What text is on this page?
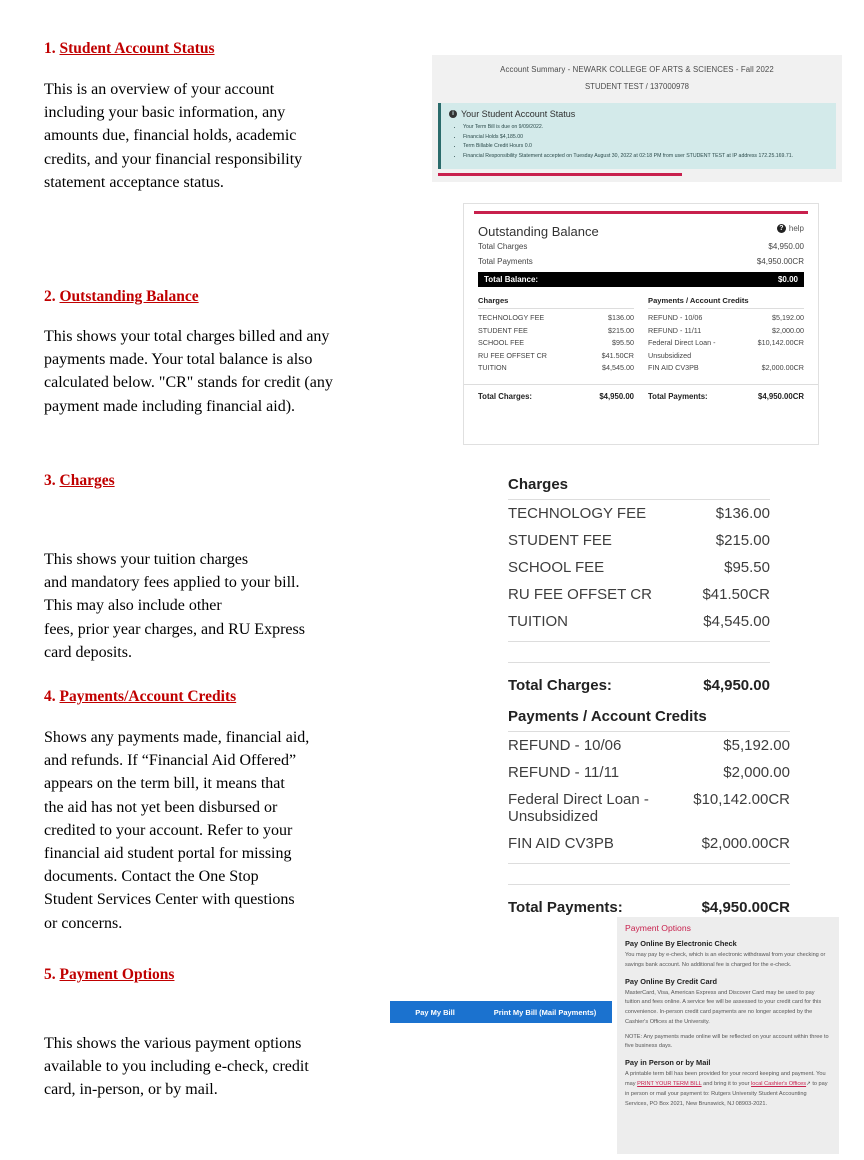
1. Student Account Status
This is an overview of your account
including your basic information, any
amounts due, financial holds, academic
credits, and your financial responsibility
statement acceptance status.
2. Outstanding Balance
This shows your total charges billed and any
payments made. Your total balance is also
calculated below. "CR" stands for credit (any
payment made including financial aid).
3. Charges
This shows your tuition charges
and mandatory fees applied to your bill.
This may also include other
fees, prior year charges, and RU Express
card deposits.
4. Payments/Account Credits
Shows any payments made, financial aid,
and refunds. If “Financial Aid Offered”
appears on the term bill, it means that
the aid has not yet been disbursed or
credited to your account. Refer to your
financial aid student portal for missing
documents. Contact the One Stop
Student Services Center with questions
or concerns.
5. Payment Options
This shows the various payment options
available to you including e-check, credit
card, in-person, or by mail.
Account Summary - NEWARK COLLEGE OF ARTS & SCIENCES - Fall 2022
STUDENT TEST / 137000978
i Your Student Account Status
• Your Term Bill is due on 9/09/2022.
• Financial Holds $4,185.00
• Term Billable Credit Hours 0.0
• Financial Responsibility Statement accepted on Tuesday August 30, 2022 at 02:18 PM from user STUDENT TEST at IP address 172.25.169.71.
Outstanding Balance	? help
Total Charges	$4,950.00
Total Payments	$4,950.00CR
Total Balance:	$0.00
Charges
TECHNOLOGY FEE	$136.00
STUDENT FEE	$215.00
SCHOOL FEE	$95.50
RU FEE OFFSET CR	$41.50CR
TUITION	$4,545.00
Payments / Account Credits
REFUND - 10/06	$5,192.00
REFUND - 11/11	$2,000.00
Federal Direct Loan - Unsubsidized
$10,142.00CR
FIN AID CV3PB	$2,000.00CR
Total Charges:	$4,950.00 Total Payments:	$4,950.00CR
Charges
TECHNOLOGY FEE	$136.00
STUDENT FEE	$215.00
SCHOOL FEE	$95.50
RU FEE OFFSET CR	$41.50CR
TUITION	$4,545.00
Total Charges:	$4,950.00
Payments / Account Credits
REFUND - 10/06	$5,192.00
REFUND - 11/11	$2,000.00
Federal Direct Loan - Unsubsidized
$10,142.00CR
FIN AID CV3PB	$2,000.00CR
Total Payments:	$4,950.00CR
Pay My Bill	Print My Bill (Mail Payments)
Payment Options
Pay Online By Electronic Check
You may pay by e-check, which is an electronic withdrawal from your checking or savings bank account. No additional fee is charged for the e-check.
Pay Online By Credit Card
MasterCard, Visa, American Express and Discover Card may be used to pay tuition and fees online. A service fee will be assessed to your credit card for this convenience. In-person credit card payments are no longer accepted by the Cashier's Offices at the University.
NOTE: Any payments made online will be reflected on your account within three to five business days.
Pay in Person or by Mail
A printable term bill has been provided for your record keeping and payment. You may PRINT YOUR TERM BILL and bring it to your local Cashier's Offices↗ to pay in person or mail your payment to: Rutgers University Student Accounting Services, PO Box 2021, New Brunswick, NJ 08903-2021.
